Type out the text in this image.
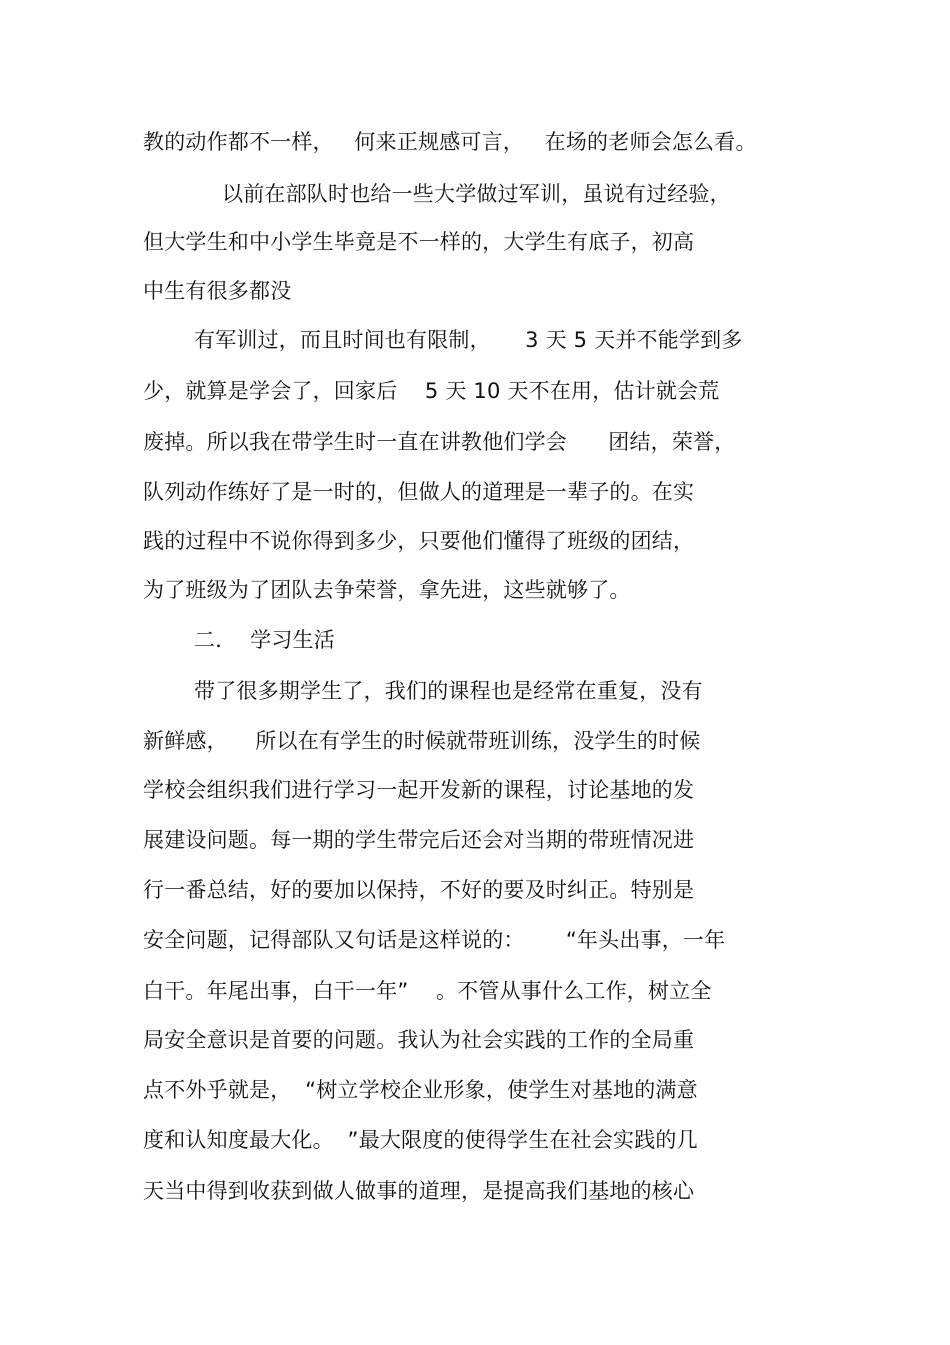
教的动作都不一样，   何来正规感可言，   在场的老师会怎么看。
以前在部队时也给一些大学做过军训，虽说有过经验，
但大学生和中小学生毕竟是不一样的，大学生有底子，初高
中生有很多都没
有军训过，而且时间也有限制，     3 天 5 天并不能学到多
少，就算是学会了，回家后    5 天 10 天不在用，估计就会荒
废掉。所以我在带学生时一直在讲教他们学会      团结，荣誉，
队列动作练好了是一时的，但做人的道理是一辈子的。在实
践的过程中不说你得到多少，只要他们懂得了班级的团结，
为了班级为了团队去争荣誉，拿先进，这些就够了。
二．  学习生活
带了很多期学生了，我们的课程也是经常在重复，没有
新鲜感，    所以在有学生的时候就带班训练，没学生的时候
学校会组织我们进行学习一起开发新的课程，讨论基地的发
展建设问题。每一期的学生带完后还会对当期的带班情况进
行一番总结，好的要加以保持，不好的要及时纠正。特别是
安全问题，记得部队又句话是这样说的：      “年头出事，一年
白干。年尾出事，白干一年”    。不管从事什么工作，树立全
局安全意识是首要的问题。我认为社会实践的工作的全局重
点不外乎就是，  “树立学校企业形象，使学生对基地的满意
度和认知度最大化。  ”最大限度的使得学生在社会实践的几
天当中得到收获到做人做事的道理，是提高我们基地的核心
